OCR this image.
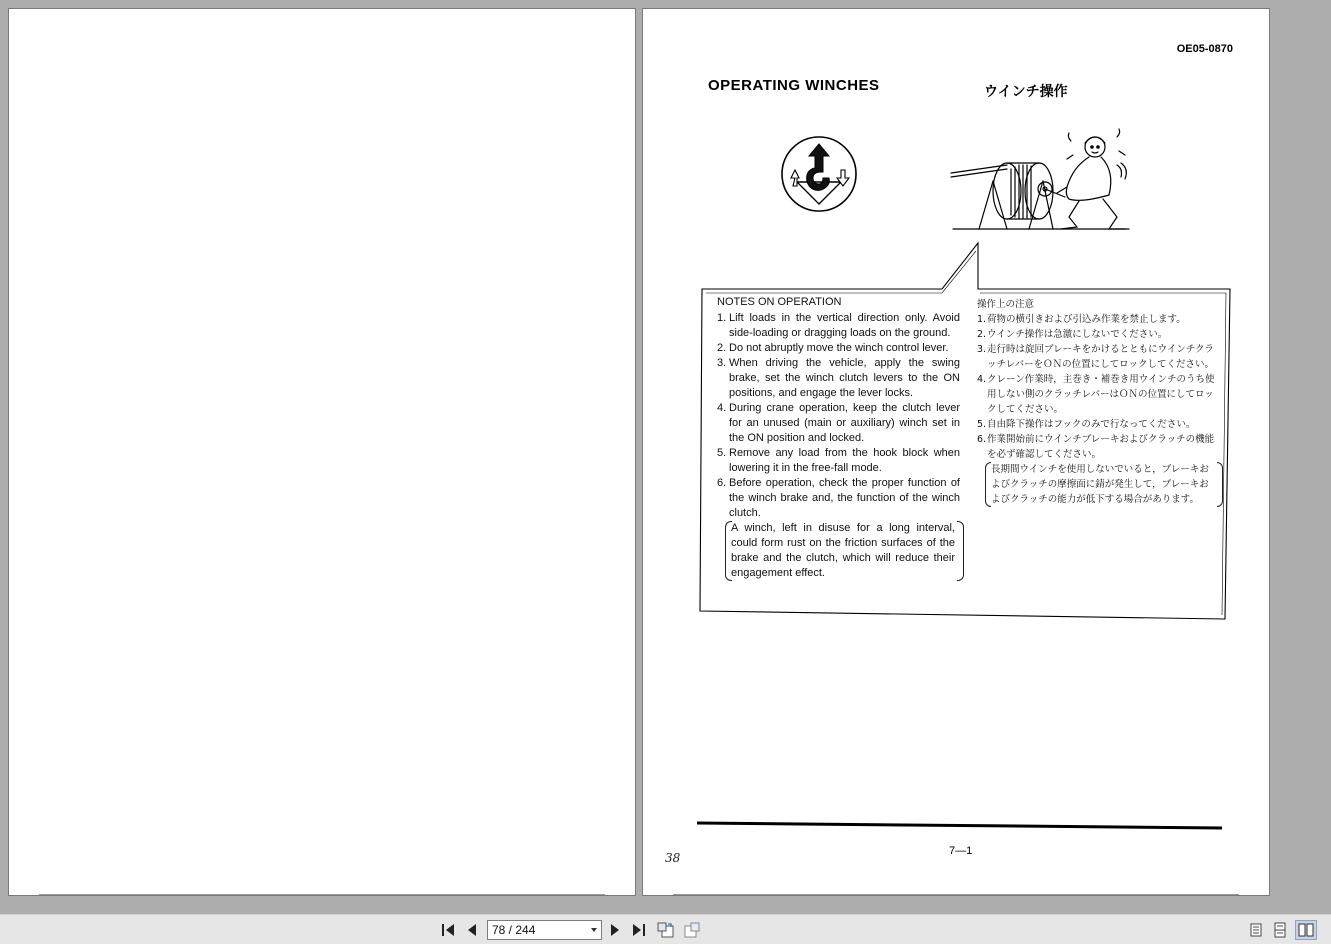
OE05-0870
OPERATING WINCHES	ウインチ操作
NOTES ON OPERATION
1. Lift loads in the vertical direction only. Avoid side-loading or dragging loads on the ground.
2. Do not abruptly move the winch control lever.
3. When driving the vehicle, apply the swing brake, set the winch clutch levers to the ON positions, and engage the lever locks.
4. During crane operation, keep the clutch lever for an unused (main or auxiliary) winch set in the ON position and locked.
5. Remove any load from the hook block when lowering it in the free-fall mode.
6. Before operation, check the proper function of the winch brake and, the function of the winch clutch.
A winch, left in disuse for a long interval, could form rust on the friction surfaces of the brake and the clutch, which will reduce their engagement effect.
操作上の注意
1. 荷物の横引きおよび引込み作業を禁止します。
2. ウインチ操作は急激にしないでください。
3. 走行時は旋回ブレーキをかけるとともにウインチクラッチレバーをＯＮの位置にしてロックしてください。
4. クレーン作業時，主巻き・補巻き用ウインチのうち使用しない側のクラッチレバーはＯＮの位置にしてロックしてください。
5. 自由降下操作はフックのみで行なってください。
6. 作業開始前にウインチブレーキおよびクラッチの機能を必ず確認してください。
長期間ウインチを使用しないでいると，ブレーキおよびクラッチの摩擦面に錆が発生して，ブレーキおよびクラッチの能力が低下する場合があります。
7—1
38
78 / 244
